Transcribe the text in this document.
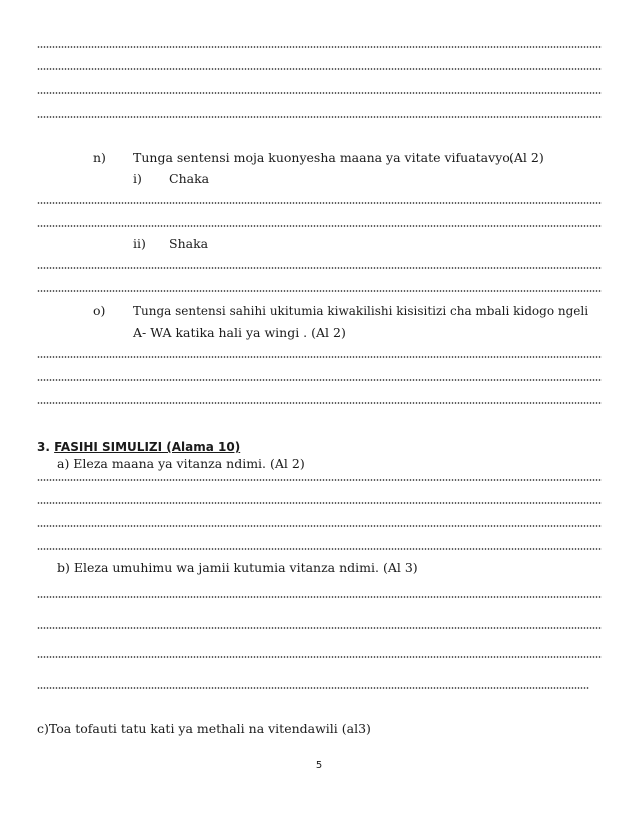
n) Tunga sentensi moja kuonyesha maana ya vitate vifuatavyo.
(Al 2)
i) Chaka
ii) Shaka
o) Tunga sentensi sahihi ukitumia kiwakilishi kisisitizi cha mbali kidogo ngeli
A- WA katika hali ya wingi . (Al 2)
3. FASIHI SIMULIZI (Alama 10)
a) Eleza maana ya vitanza ndimi. (Al 2)
b) Eleza umuhimu wa jamii kutumia vitanza ndimi. (Al 3)
c)Toa tofauti tatu kati ya methali na vitendawili (al3)
5
